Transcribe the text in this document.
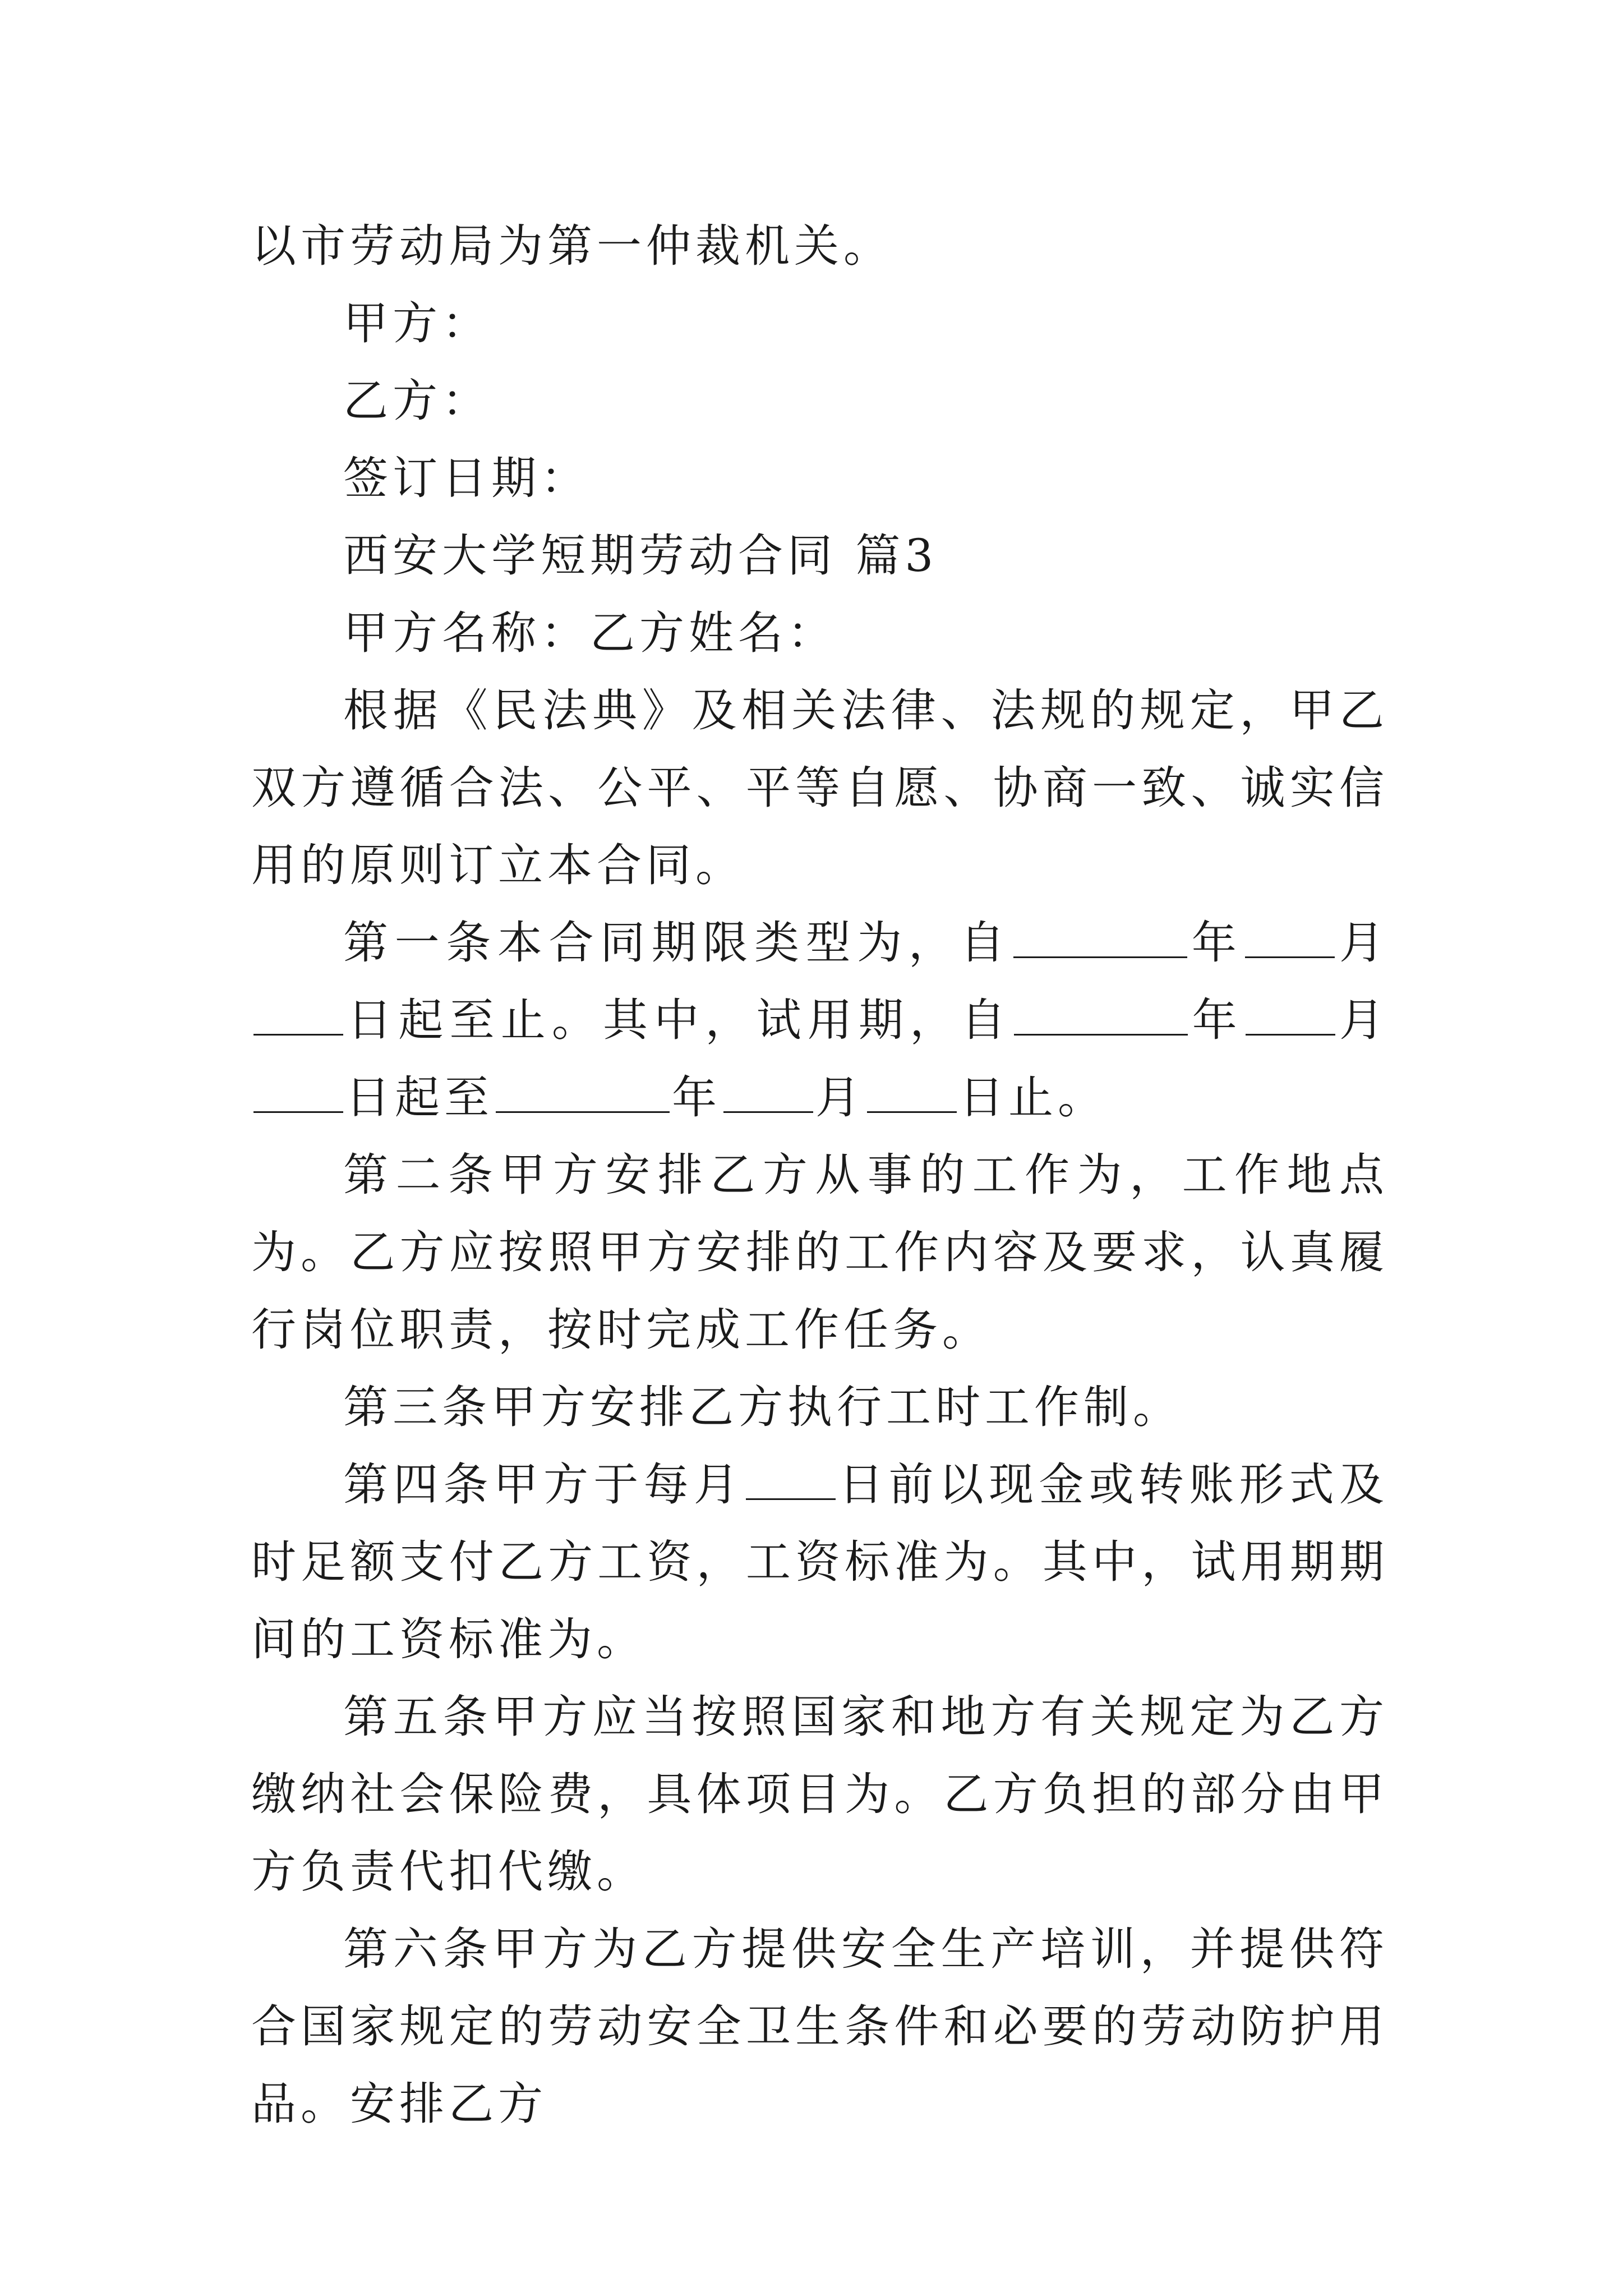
以市劳动局为第一仲裁机关。

甲方：

乙方：

签订日期：

西安大学短期劳动合同 篇3

甲方名称：乙方姓名：

根据《民法典》及相关法律、法规的规定，甲乙双方遵循合法、公平、平等自愿、协商一致、诚实信用的原则订立本合同。

第一条本合同期限类型为，自	年 月日起至止。其中，试用期，自	年 月日起至	年 月 日止。

第二条甲方安排乙方从事的工作为，工作地点为。乙方应按照甲方安排的工作内容及要求，认真履行岗位职责，按时完成工作任务。

第三条甲方安排乙方执行工时工作制。

第四条甲方于每月 日前以现金或转账形式及时足额支付乙方工资，工资标准为。其中，试用期期间的工资标准为。

第五条甲方应当按照国家和地方有关规定为乙方缴纳社会保险费，具体项目为。乙方负担的部分由甲方负责代扣代缴。

第六条甲方为乙方提供安全生产培训，并提供符合国家规定的劳动安全卫生条件和必要的劳动防护用品。安排乙方
